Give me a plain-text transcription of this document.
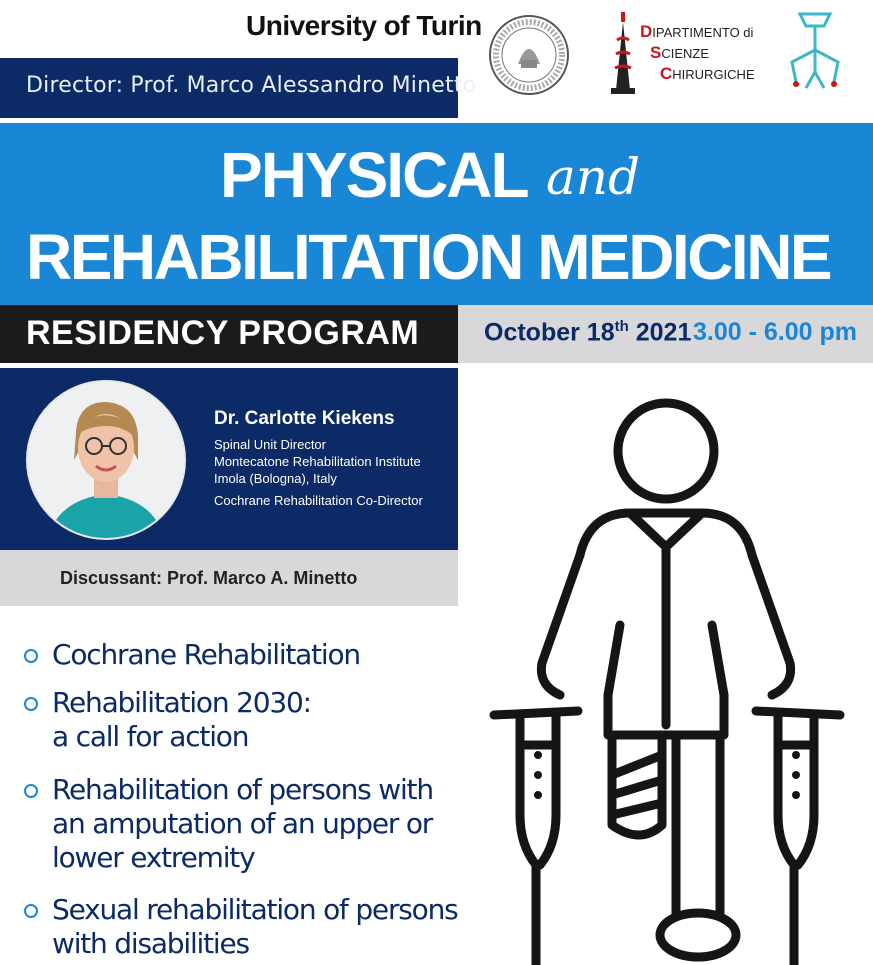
University of Turin
Director: Prof. Marco Alessandro Minetto
DIPARTIMENTO di
SCIENZE
CHIRURGICHE
PHYSICAL and
REHABILITATION MEDICINE
RESIDENCY PROGRAM	October 18th 2021 3.00 - 6.00 pm
Dr. Carlotte Kiekens
Spinal Unit Director
Montecatone Rehabilitation Institute
Imola (Bologna), Italy
Cochrane Rehabilitation Co-Director
Discussant: Prof. Marco A. Minetto
Cochrane Rehabilitation
Rehabilitation 2030:
a call for action
Rehabilitation of persons with
an amputation of an upper or
lower extremity
Sexual rehabilitation of persons
with disabilities
